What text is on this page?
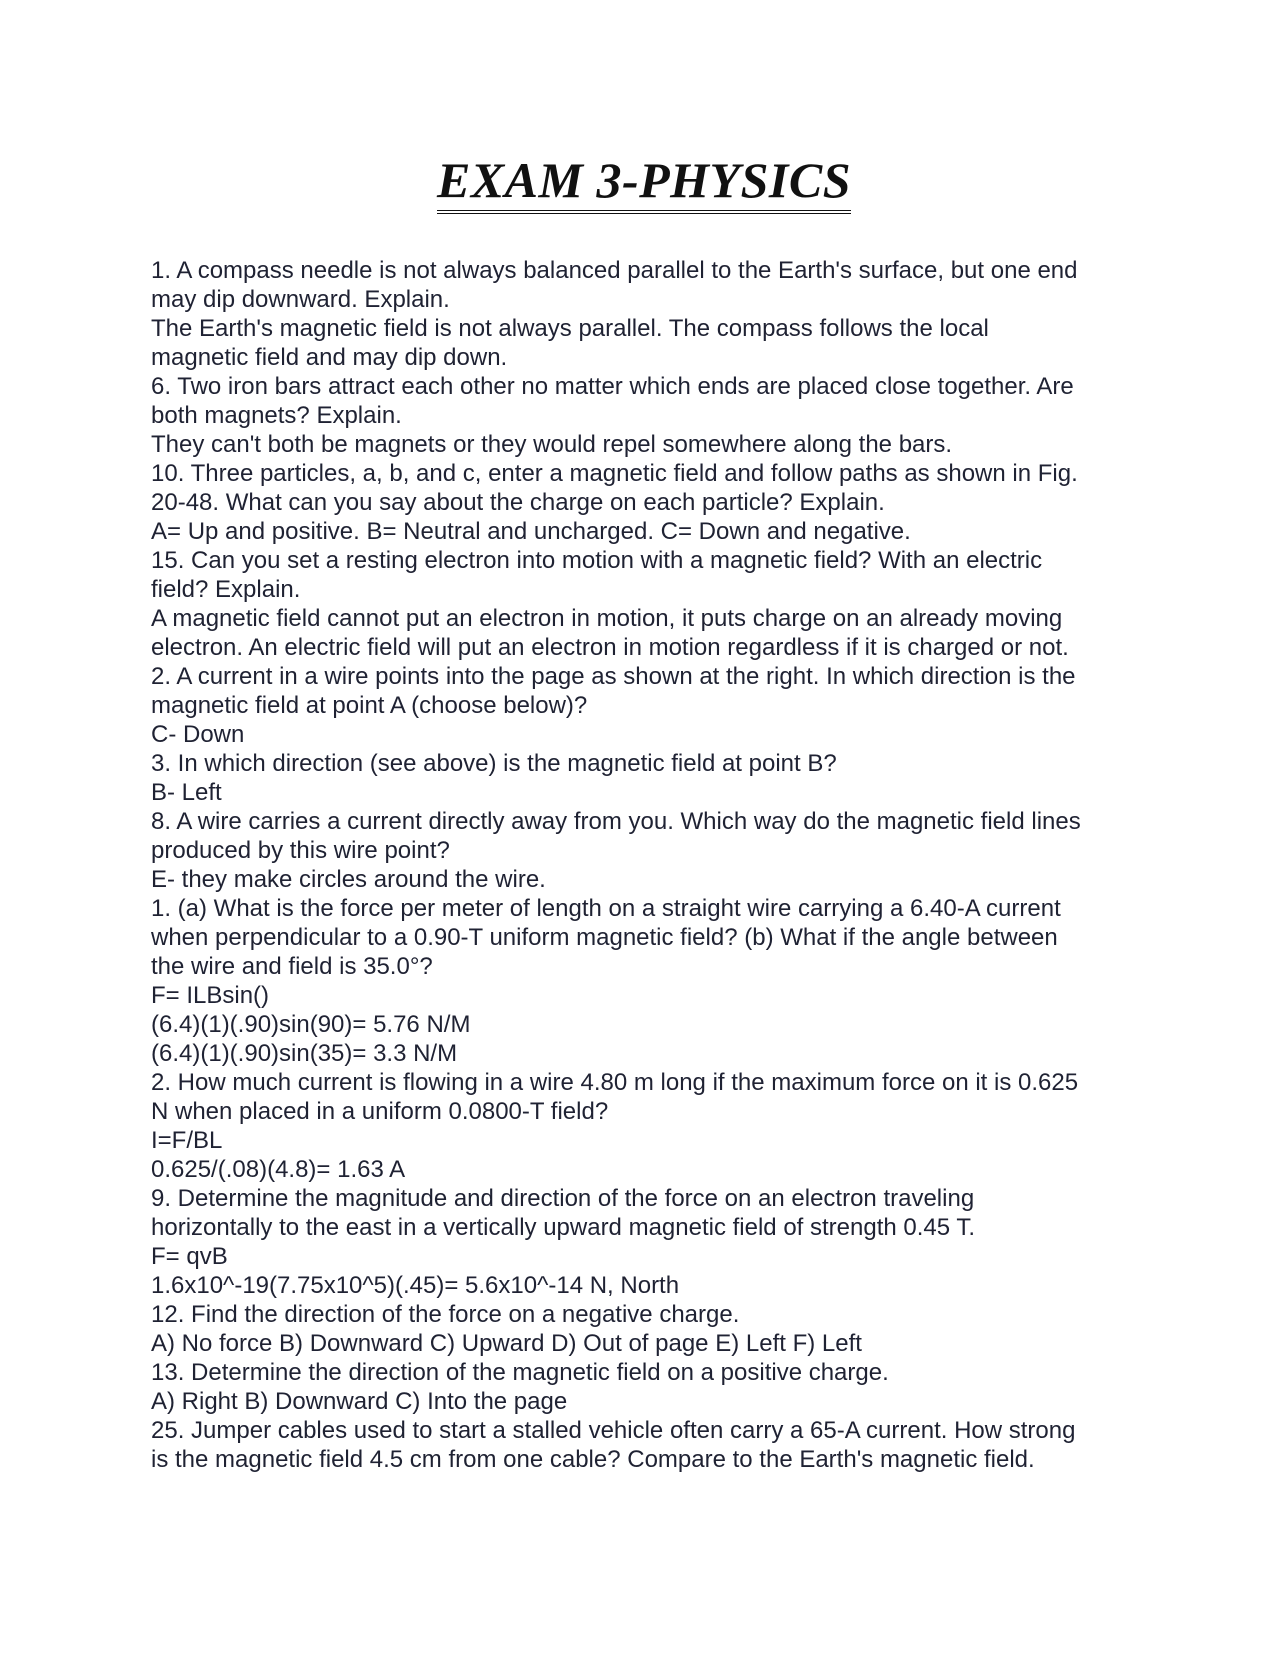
EXAM 3-PHYSICS

1. A compass needle is not always balanced parallel to the Earth's surface, but one end

may dip downward. Explain.

The Earth's magnetic field is not always parallel. The compass follows the local

magnetic field and may dip down.

6. Two iron bars attract each other no matter which ends are placed close together. Are

both magnets? Explain.

They can't both be magnets or they would repel somewhere along the bars.

10. Three particles, a, b, and c, enter a magnetic field and follow paths as shown in Fig.

20-48. What can you say about the charge on each particle? Explain.

A= Up and positive. B= Neutral and uncharged. C= Down and negative.

15. Can you set a resting electron into motion with a magnetic field? With an electric

field? Explain.

A magnetic field cannot put an electron in motion, it puts charge on an already moving

electron. An electric field will put an electron in motion regardless if it is charged or not.

2. A current in a wire points into the page as shown at the right. In which direction is the

magnetic field at point A (choose below)?

C- Down

3. In which direction (see above) is the magnetic field at point B?

B- Left

8. A wire carries a current directly away from you. Which way do the magnetic field lines

produced by this wire point?

E- they make circles around the wire.

1. (a) What is the force per meter of length on a straight wire carrying a 6.40-A current

when perpendicular to a 0.90-T uniform magnetic field? (b) What if the angle between

the wire and field is 35.0°?

F= ILBsin()

(6.4)(1)(.90)sin(90)= 5.76 N/M

(6.4)(1)(.90)sin(35)= 3.3 N/M

2. How much current is flowing in a wire 4.80 m long if the maximum force on it is 0.625

N when placed in a uniform 0.0800-T field?

I=F/BL

0.625/(.08)(4.8)= 1.63 A

9. Determine the magnitude and direction of the force on an electron traveling

horizontally to the east in a vertically upward magnetic field of strength 0.45 T.

F= qvB

1.6x10^-19(7.75x10^5)(.45)= 5.6x10^-14 N, North

12. Find the direction of the force on a negative charge.

A) No force B) Downward C) Upward D) Out of page E) Left F) Left

13. Determine the direction of the magnetic field on a positive charge.

A) Right B) Downward C) Into the page

25. Jumper cables used to start a stalled vehicle often carry a 65-A current. How strong

is the magnetic field 4.5 cm from one cable? Compare to the Earth's magnetic field.
